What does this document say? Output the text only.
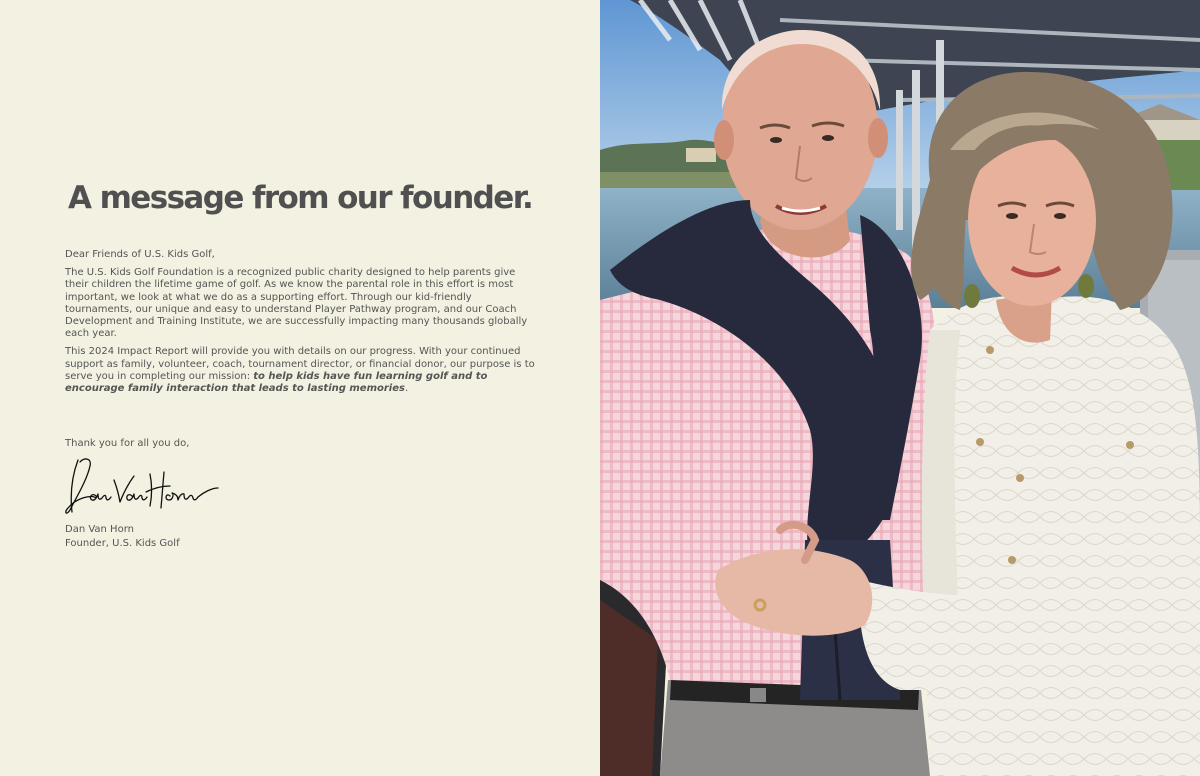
A message from our founder.

Dear Friends of U.S. Kids Golf,

The U.S. Kids Golf Foundation is a recognized public charity designed to help parents give their children the lifetime game of golf. As we know the parental role in this effort is most important, we look at what we do as a supporting effort. Through our kid-friendly tournaments, our unique and easy to understand Player Pathway program, and our Coach Development and Training Institute, we are successfully impacting many thousands globally each year.

This 2024 Impact Report will provide you with details on our progress. With your continued support as family, volunteer, coach, tournament director, or financial donor, our purpose is to serve you in completing our mission: to help kids have fun learning golf and to encourage family interaction that leads to lasting memories.

Thank you for all you do,
Dan Van Horn
Founder, U.S. Kids Golf
